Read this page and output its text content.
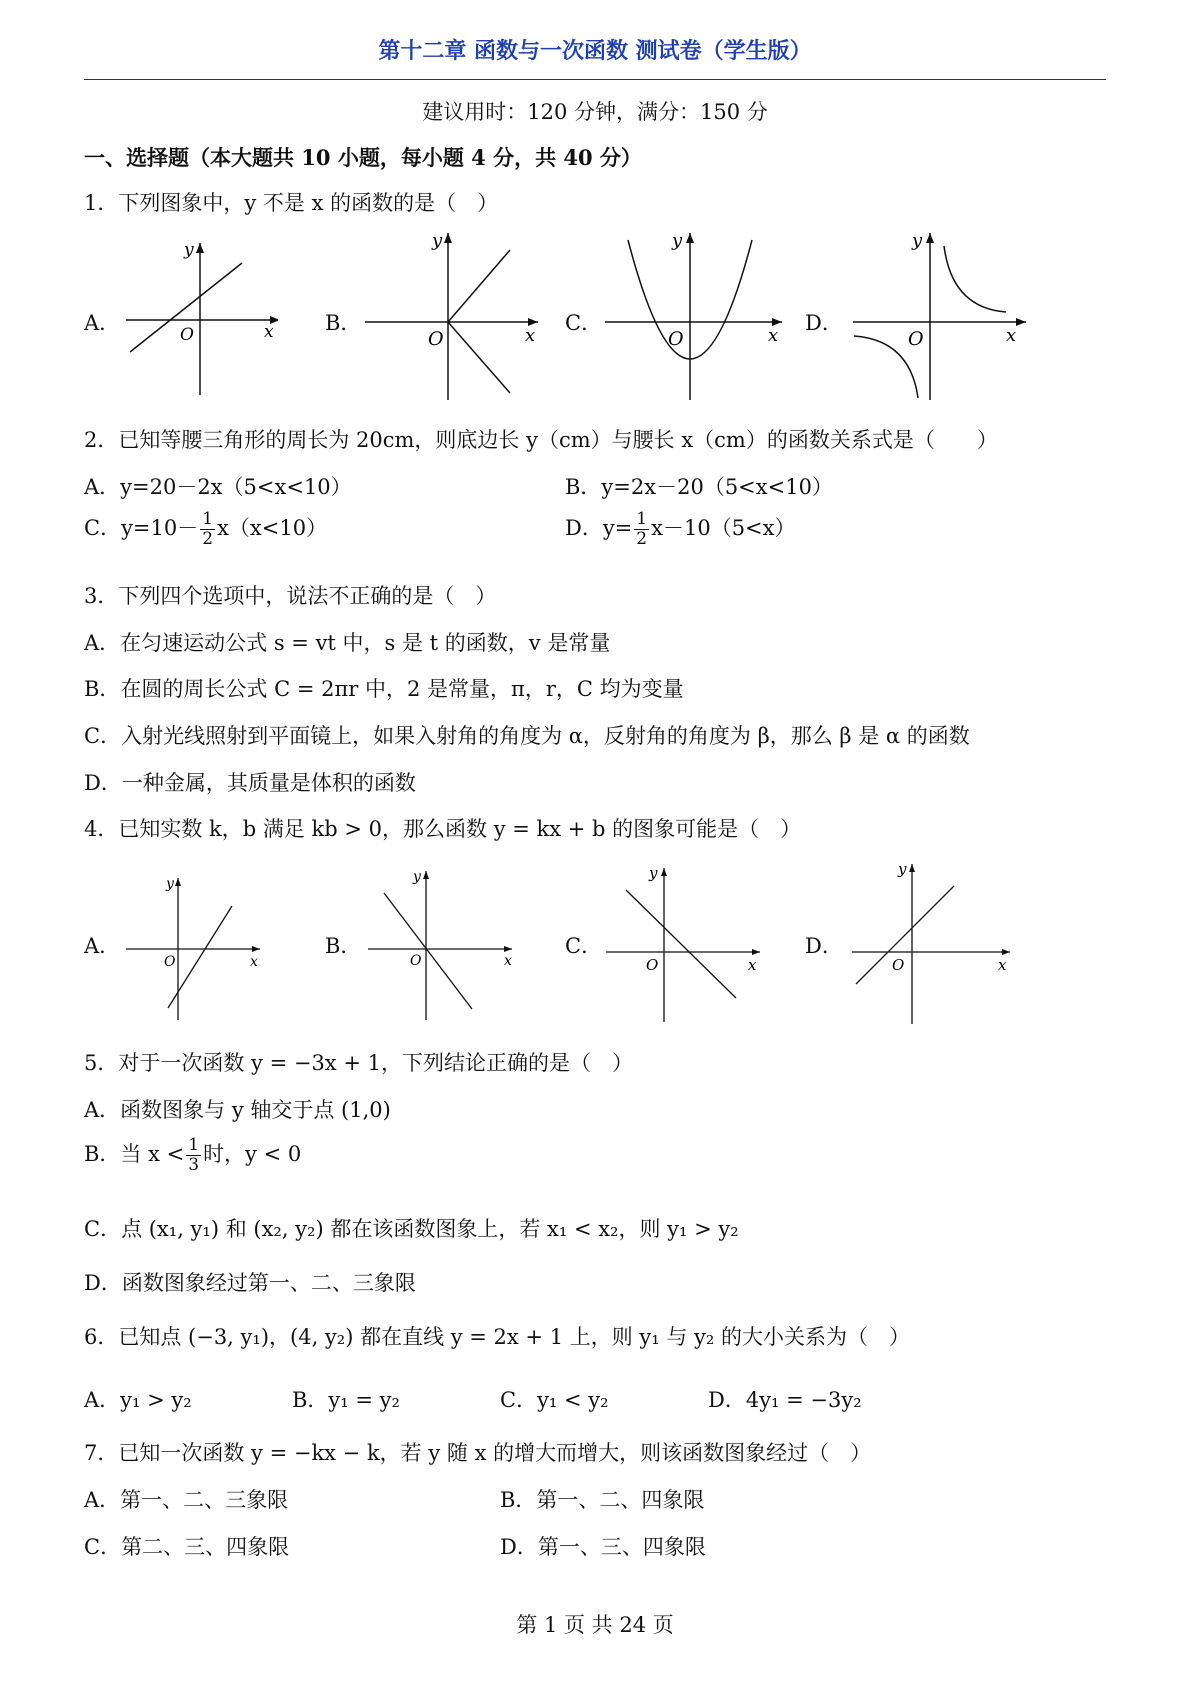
第十二章 函数与一次函数 测试卷（学生版）
建议用时：120 分钟，满分：150 分
一、选择题（本大题共 10 小题，每小题 4 分，共 40 分）
1．下列图象中，y 不是 x 的函数的是（　）
A．	O	x
y
B．
O	x
y
C．
O	x
y
D．
O	x
y
2．已知等腰三角形的周长为 20cm，则底边长 y（cm）与腰长 x（cm）的函数关系式是（　　）
A．y=20－2x（5<x<10）	B．y=2x－20（5<x<10）
C．$y=10- \frac{1}{2} x(x<10)$	D．$y= \frac{1}{2} x-10(5<x)$
3．下列四个选项中，说法不正确的是（　）
A．在匀速运动公式 s = vt 中，s 是 t 的函数，v 是常量
B．在圆的周长公式 C = 2πr 中，2 是常量，π，r，C 均为变量
C．入射光线照射到平面镜上，如果入射角的角度为 α，反射角的角度为 β，那么 β 是 α 的函数
D．一种金属，其质量是体积的函数
4．已知实数 k，b 满足 kb > 0，那么函数 y = kx + b 的图象可能是（　）
A．
O	x
y
B．
O	x
y
C．
O	x
y
D．
O	x
y
5．对于一次函数 y = −3x + 1，下列结论正确的是（　）
A．函数图象与 y 轴交于点 (1,0)
B．当 $x < \frac{1}{3}$ 时，y < 0
C．点 (x₁, y₁) 和 (x₂, y₂) 都在该函数图象上，若 x₁ < x₂，则 y₁ > y₂
D．函数图象经过第一、二、三象限
6．已知点 (−3, y₁)，(4, y₂) 都在直线 y = 2x + 1 上，则 y₁ 与 y₂ 的大小关系为（　）
A．y₁ > y₂	B．y₁ = y₂	C．y₁ < y₂	D．4y₁ = −3y₂
7．已知一次函数 y = −kx − k，若 y 随 x 的增大而增大，则该函数图象经过（　）
A．第一、二、三象限	B．第一、二、四象限
C．第二、三、四象限	D．第一、三、四象限
第 1 页 共 24 页
